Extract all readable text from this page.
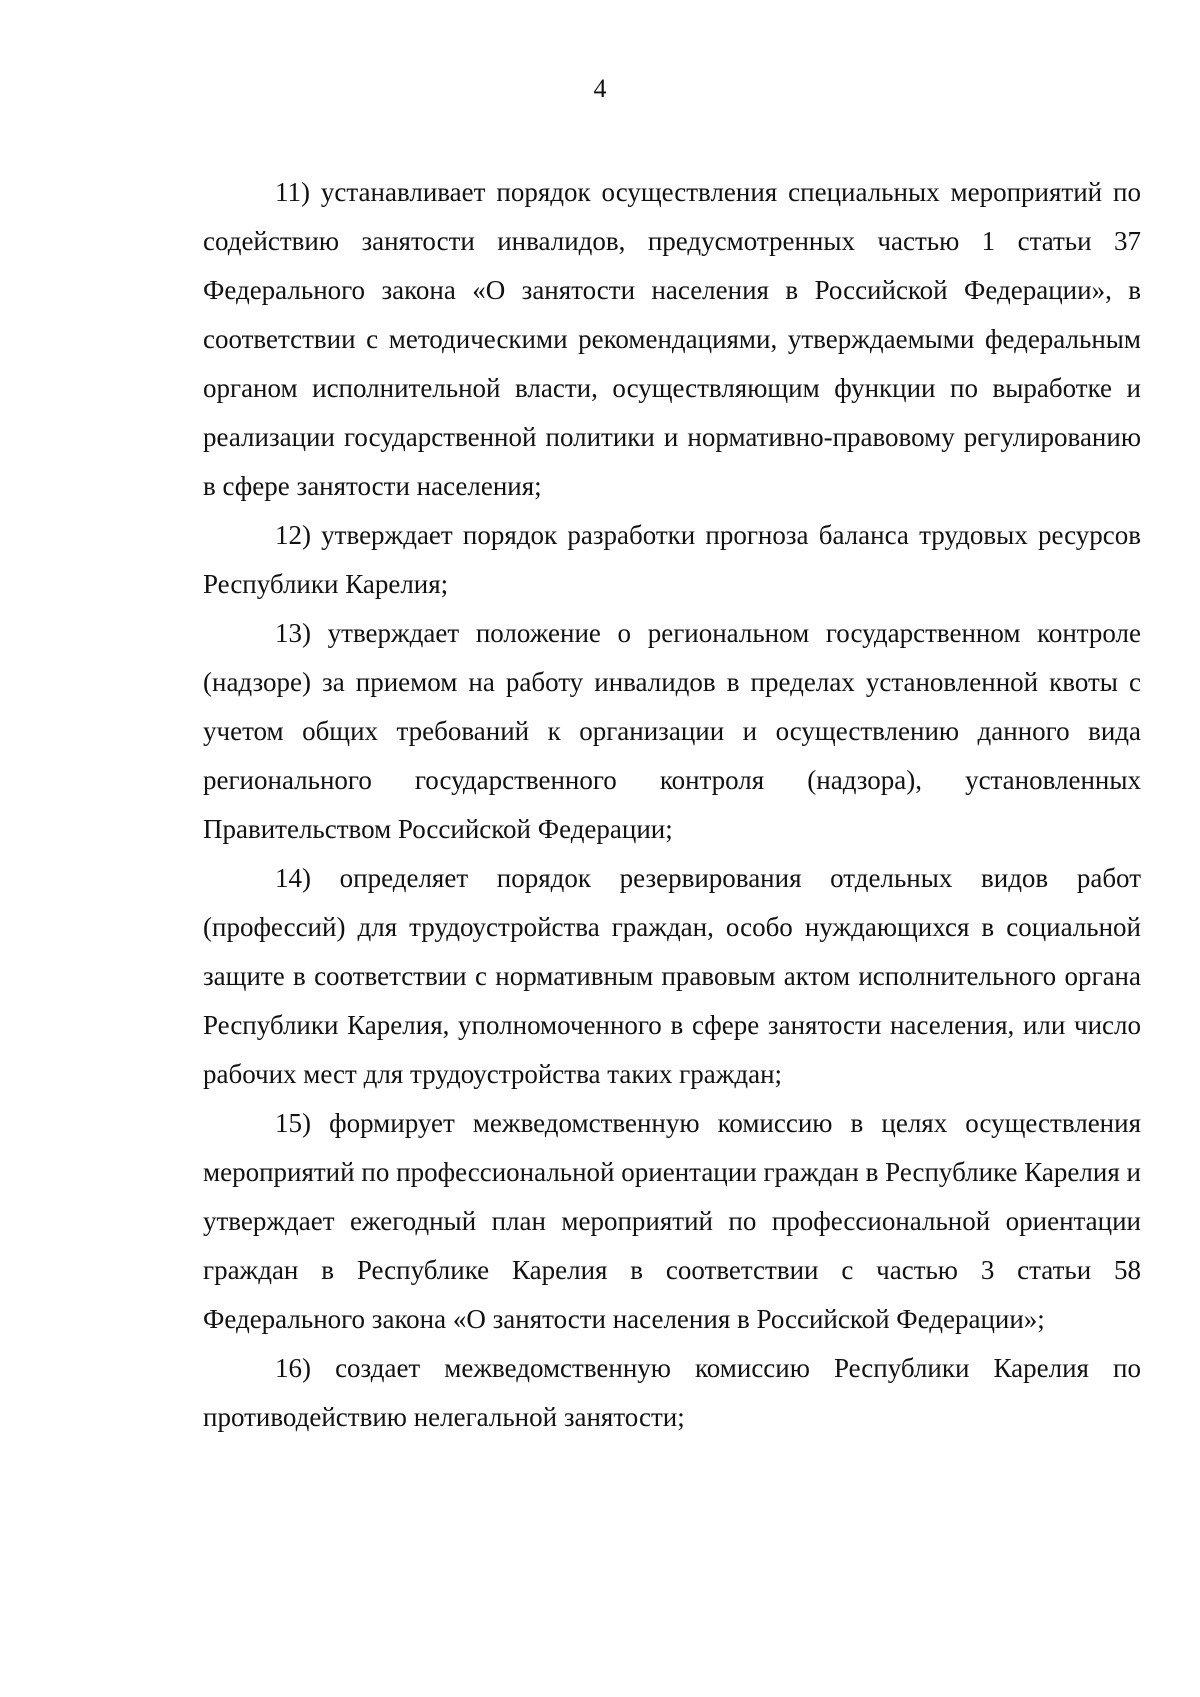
4

11) устанавливает порядок осуществления специальных мероприятий по содействию занятости инвалидов, предусмотренных частью 1 статьи 37 Федерального закона «О занятости населения в Российской Федерации», в соответствии с методическими рекомендациями, утверждаемыми федеральным органом исполнительной власти, осуществляющим функции по выработке и реализации государственной политики и нормативно-правовому регулированию в сфере занятости населения;

12) утверждает порядок разработки прогноза баланса трудовых ресурсов Республики Карелия;

13) утверждает положение о региональном государственном контроле (надзоре) за приемом на работу инвалидов в пределах установленной квоты с учетом общих требований к организации и осуществлению данного вида регионального государственного контроля (надзора), установленных Правительством Российской Федерации;

14) определяет порядок резервирования отдельных видов работ (профессий) для трудоустройства граждан, особо нуждающихся в социальной защите в соответствии с нормативным правовым актом исполнительного органа Республики Карелия, уполномоченного в сфере занятости населения, или число рабочих мест для трудоустройства таких граждан;

15) формирует межведомственную комиссию в целях осуществления мероприятий по профессиональной ориентации граждан в Республике Карелия и утверждает ежегодный план мероприятий по профессиональной ориентации граждан в Республике Карелия в соответствии с частью 3 статьи 58 Федерального закона «О занятости населения в Российской Федерации»;

16) создает межведомственную комиссию Республики Карелия по противодействию нелегальной занятости;
